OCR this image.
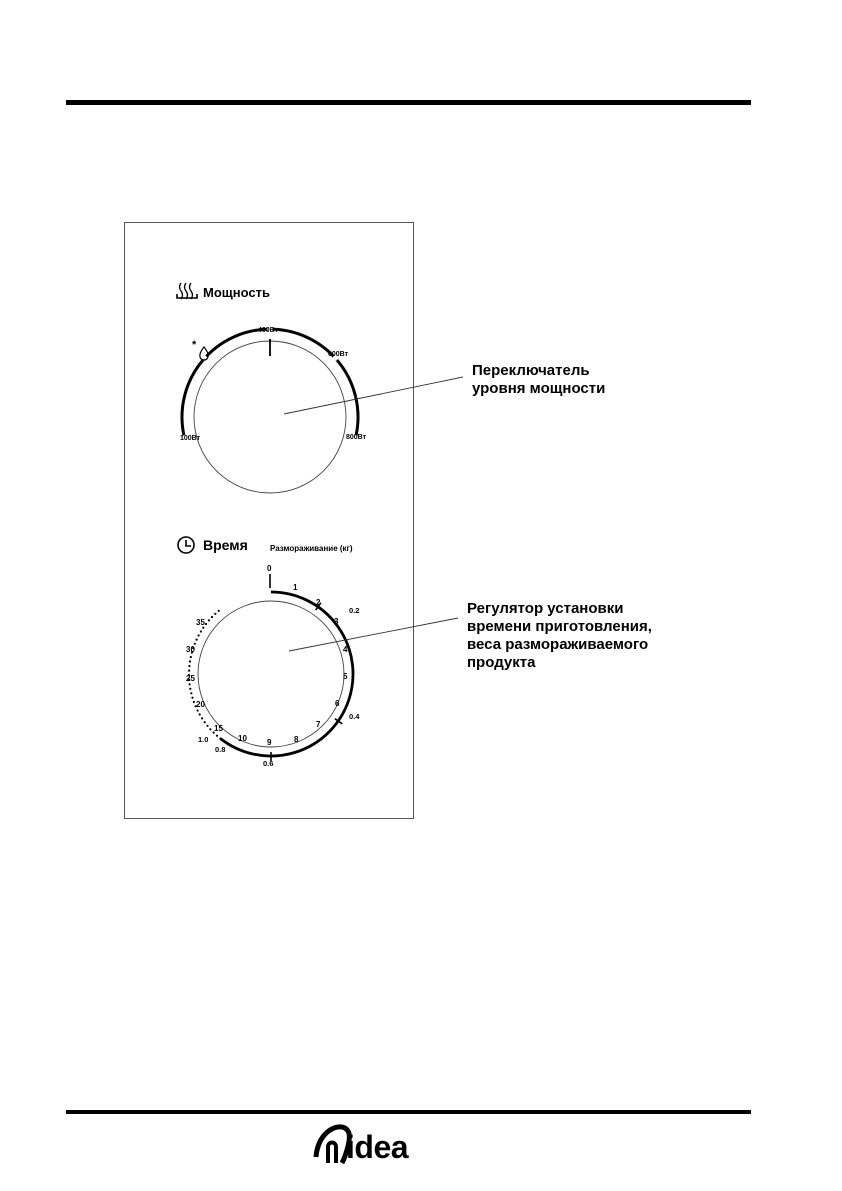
Мощность
100Вт
400Вт
600Вт
800Вт
*
Время	Размораживание (кг)
0
1
2
3
4
5
6
7
8
9
10
15
20
25
30
35
0.2
0.4
0.6
0.8
1.0
Переключатель
уровня мощности
Регулятор установки
времени приготовления,
веса размораживаемого
продукта
idea
